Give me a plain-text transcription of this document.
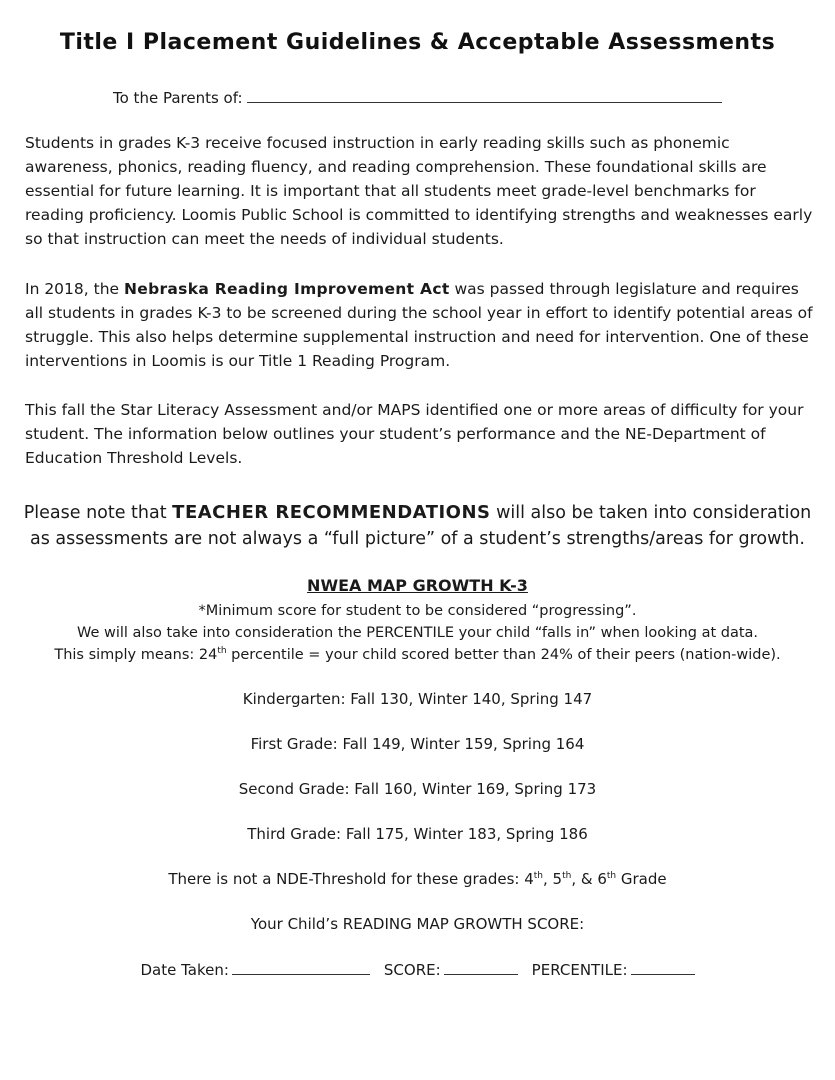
Title I Placement Guidelines & Acceptable Assessments
To the Parents of:

Students in grades K-3 receive focused instruction in early reading skills such as phonemic awareness, phonics, reading fluency, and reading comprehension. These foundational skills are essential for future learning. It is important that all students meet grade-level benchmarks for reading proficiency. Loomis Public School is committed to identifying strengths and weaknesses early so that instruction can meet the needs of individual students.

In 2018, the Nebraska Reading Improvement Act was passed through legislature and requires all students in grades K-3 to be screened during the school year in effort to identify potential areas of struggle. This also helps determine supplemental instruction and need for intervention. One of these interventions in Loomis is our Title 1 Reading Program.

This fall the Star Literacy Assessment and/or MAPS identified one or more areas of difficulty for your student. The information below outlines your student’s performance and the NE-Department of Education Threshold Levels.

Please note that TEACHER RECOMMENDATIONS will also be taken into consideration as assessments are not always a “full picture” of a student’s strengths/areas for growth.
NWEA MAP GROWTH K-3
*Minimum score for student to be considered “progressing”.
We will also take into consideration the PERCENTILE your child “falls in” when looking at data.
This simply means: 24th percentile = your child scored better than 24% of their peers (nation-wide).
Kindergarten: Fall 130, Winter 140, Spring 147
First Grade: Fall 149, Winter 159, Spring 164
Second Grade: Fall 160, Winter 169, Spring 173
Third Grade: Fall 175, Winter 183, Spring 186
There is not a NDE-Threshold for these grades: 4th, 5th, & 6th Grade
Your Child’s READING MAP GROWTH SCORE:
Date Taken:	SCORE:	PERCENTILE:
